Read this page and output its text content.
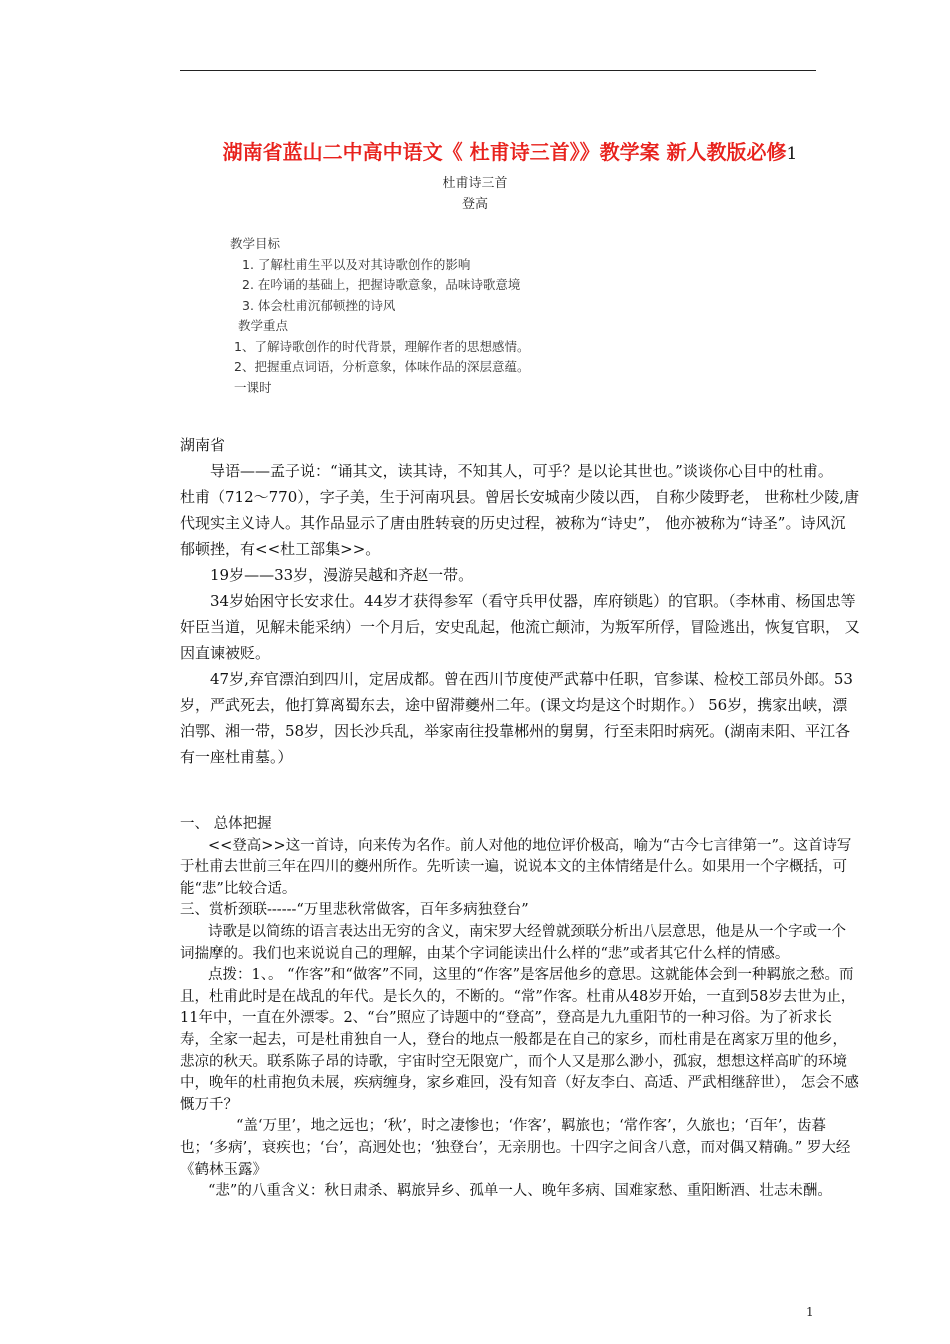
湖南省蓝山二中高中语文《 杜甫诗三首》》教学案 新人教版必修1
杜甫诗三首
登高
教学目标
1. 了解杜甫生平以及对其诗歌创作的影响
2. 在吟诵的基础上，把握诗歌意象，品味诗歌意境
3. 体会杜甫沉郁顿挫的诗风
教学重点
1、了解诗歌创作的时代背景，理解作者的思想感情。
2、把握重点词语，分析意象，体味作品的深层意蕴。
一课时

湖南省

导语——孟子说：“诵其文，读其诗，不知其人，可乎？是以论其世也。”谈谈你心目中的杜甫。

杜甫（712～770），字子美，生于河南巩县。曾居长安城南少陵以西， 自称少陵野老， 世称杜少陵,唐代现实主义诗人。其作品显示了唐由胜转衰的历史过程，被称为“诗史”， 他亦被称为“诗圣”。诗风沉郁顿挫，有<<杜工部集>>。

19岁——33岁，漫游吴越和齐赵一带。

34岁始困守长安求仕。44岁才获得参军（看守兵甲仗器，库府锁匙）的官职。（李林甫、杨国忠等奸臣当道，见解未能采纳）一个月后，安史乱起，他流亡颠沛，为叛军所俘，冒险逃出，恢复官职， 又因直谏被贬。

47岁,弃官漂泊到四川，定居成都。曾在西川节度使严武幕中任职，官参谋、检校工部员外郎。53岁，严武死去，他打算离蜀东去，途中留滞夔州二年。(课文均是这个时期作。） 56岁，携家出峡，漂泊鄂、湘一带，58岁，因长沙兵乱，举家南往投靠郴州的舅舅，行至耒阳时病死。(湖南耒阳、平江各有一座杜甫墓。）

一、 总体把握

<<登高>>这一首诗，向来传为名作。前人对他的地位评价极高，喻为“古今七言律第一”。这首诗写于杜甫去世前三年在四川的夔州所作。先听读一遍，说说本文的主体情绪是什么。如果用一个字概括，可能“悲”比较合适。

三、赏析颈联------“万里悲秋常做客，百年多病独登台”

诗歌是以简练的语言表达出无穷的含义，南宋罗大经曾就颈联分析出八层意思，他是从一个字或一个词揣摩的。我们也来说说自己的理解，由某个字词能读出什么样的“悲”或者其它什么样的情感。

点拨：1、。 “作客”和“做客”不同，这里的“作客”是客居他乡的意思。这就能体会到一种羁旅之愁。而且，杜甫此时是在战乱的年代。是长久的，不断的。“常”作客。杜甫从48岁开始，一直到58岁去世为止，11年中，一直在外漂零。2、“台”照应了诗题中的“登高”，登高是九九重阳节的一种习俗。为了祈求长寿，全家一起去，可是杜甫独自一人，登台的地点一般都是在自己的家乡，而杜甫是在离家万里的他乡，悲凉的秋天。联系陈子昂的诗歌，宇宙时空无限宽广，而个人又是那么渺小，孤寂，想想这样高旷的环境中，晚年的杜甫抱负未展，疾病缠身，家乡难回，没有知音（好友李白、高适、严武相继辞世）， 怎会不感慨万千？

“盖‘万里’，地之远也；‘秋’，时之凄惨也；‘作客’，羁旅也；‘常作客’，久旅也；‘百年’，齿暮也；‘多病’，衰疾也；‘台’，高迥处也；‘独登台’，无亲朋也。十四字之间含八意，而对偶又精确。” 罗大经《鹤林玉露》

“悲”的八重含义：秋日肃杀、羁旅异乡、孤单一人、晚年多病、国难家愁、重阳断酒、壮志未酬。

1
